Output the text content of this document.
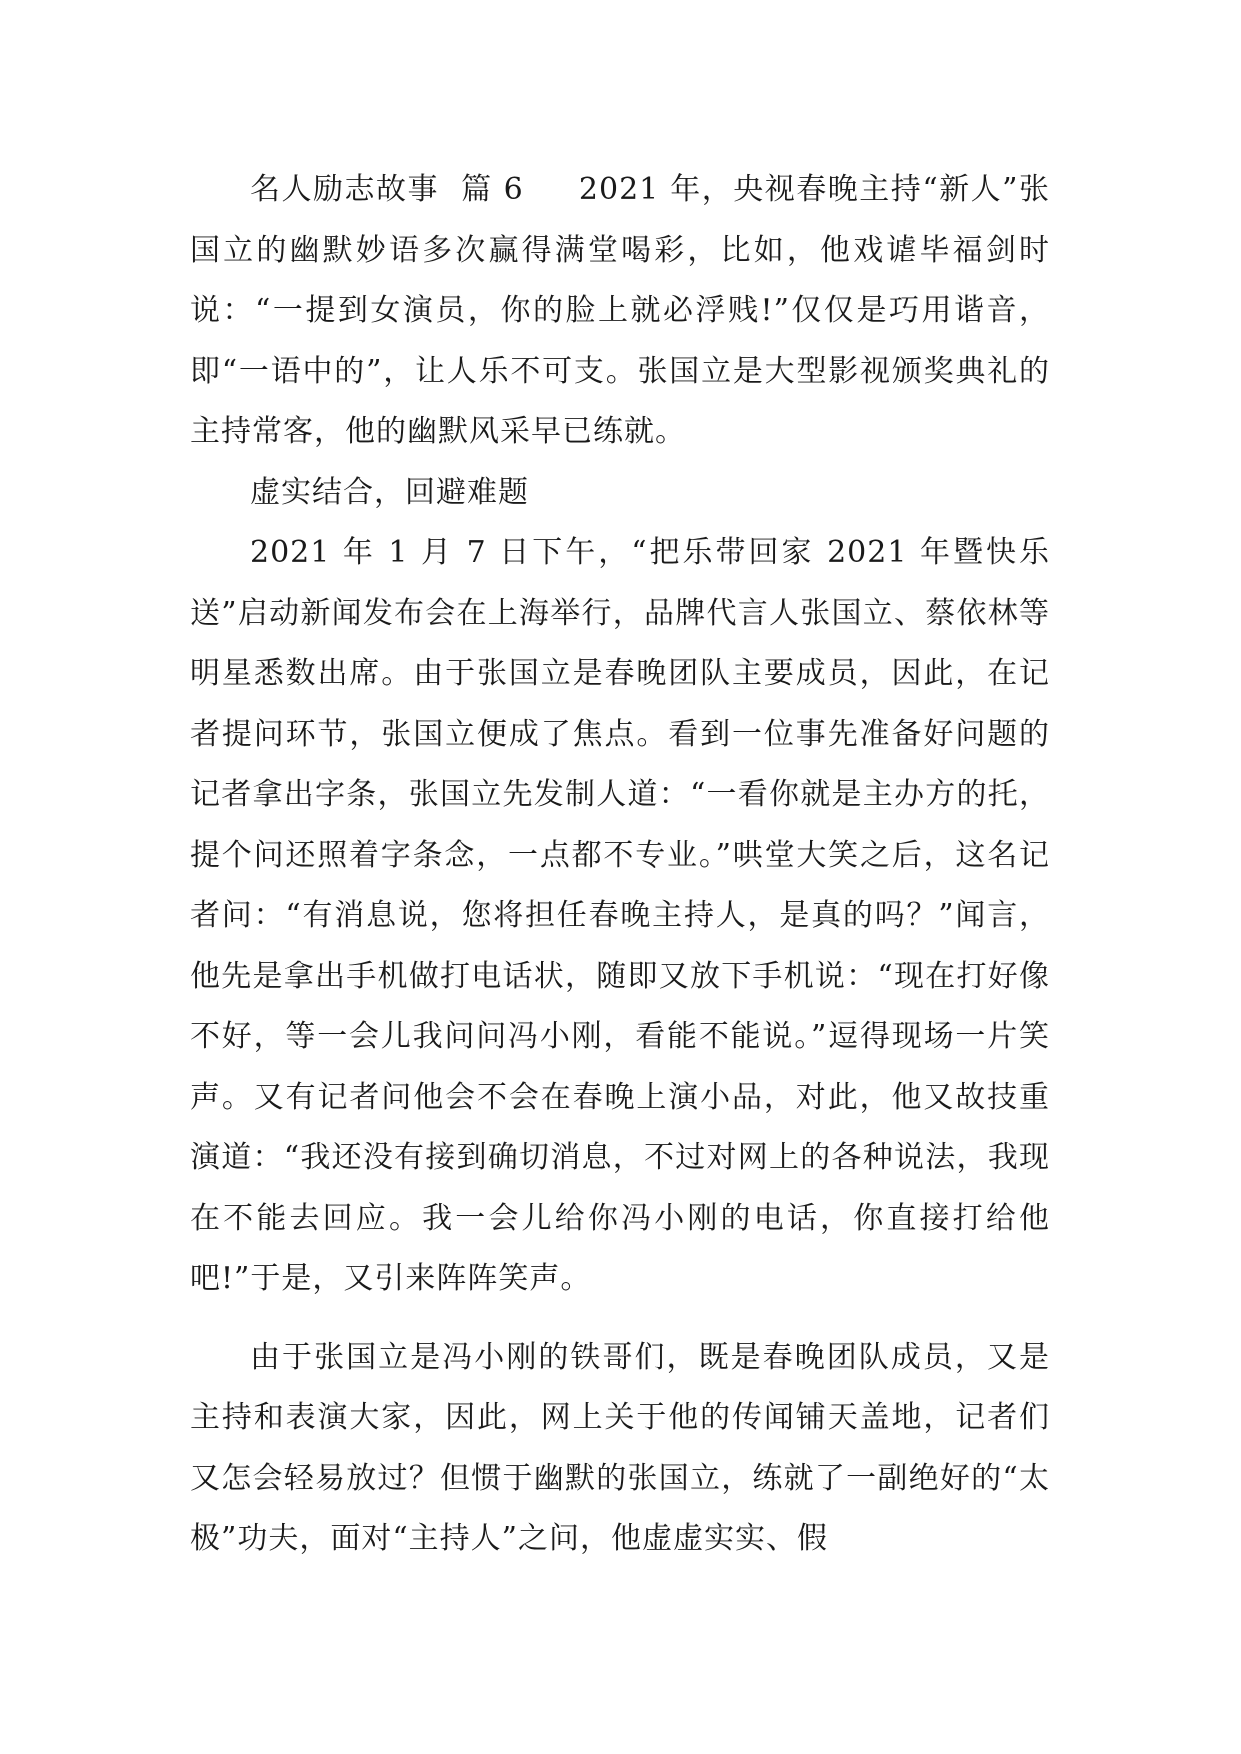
名人励志故事  篇 6     2021 年，央视春晚主持“新人”张国立的幽默妙语多次赢得满堂喝彩，比如，他戏谑毕福剑时说：“一提到女演员，你的脸上就必浮贱!”仅仅是巧用谐音，即“一语中的”，让人乐不可支。张国立是大型影视颁奖典礼的主持常客，他的幽默风采早已练就。

虚实结合，回避难题

2021 年 1 月 7 日下午，“把乐带回家 2021 年暨快乐送”启动新闻发布会在上海举行，品牌代言人张国立、蔡依林等明星悉数出席。由于张国立是春晚团队主要成员，因此，在记者提问环节，张国立便成了焦点。看到一位事先准备好问题的记者拿出字条，张国立先发制人道：“一看你就是主办方的托，提个问还照着字条念，一点都不专业。”哄堂大笑之后，这名记者问：“有消息说，您将担任春晚主持人，是真的吗？”闻言，他先是拿出手机做打电话状，随即又放下手机说：“现在打好像不好，等一会儿我问问冯小刚，看能不能说。”逗得现场一片笑声。又有记者问他会不会在春晚上演小品，对此，他又故技重演道：“我还没有接到确切消息，不过对网上的各种说法，我现在不能去回应。我一会儿给你冯小刚的电话，你直接打给他吧!”于是，又引来阵阵笑声。

由于张国立是冯小刚的铁哥们，既是春晚团队成员，又是主持和表演大家，因此，网上关于他的传闻铺天盖地，记者们又怎会轻易放过？但惯于幽默的张国立，练就了一副绝好的“太极”功夫，面对“主持人”之问，他虚虚实实、假
